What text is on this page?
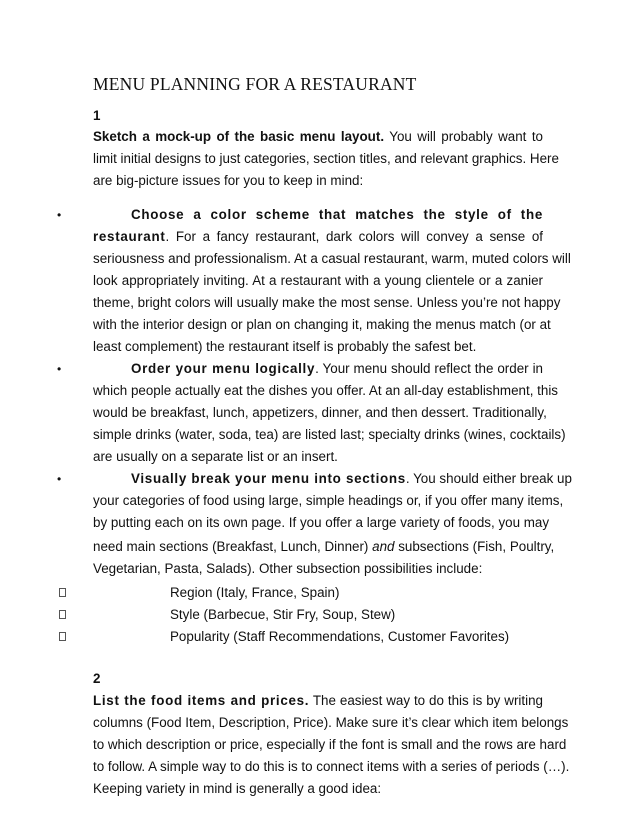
MENU PLANNING FOR A RESTAURANT
1
Sketch a mock-up of the basic menu layout. You will probably want to
limit initial designs to just categories, section titles, and relevant graphics. Here
are big-picture issues for you to keep in mind:
•	Choose a color scheme that matches the style of the
restaurant. For a fancy restaurant, dark colors will convey a sense of
seriousness and professionalism. At a casual restaurant, warm, muted colors will
look appropriately inviting. At a restaurant with a young clientele or a zanier
theme, bright colors will usually make the most sense. Unless you’re not happy
with the interior design or plan on changing it, making the menus match (or at
least complement) the restaurant itself is probably the safest bet.
•	Order your menu logically. Your menu should reflect the order in
which people actually eat the dishes you offer. At an all-day establishment, this
would be breakfast, lunch, appetizers, dinner, and then dessert. Traditionally,
simple drinks (water, soda, tea) are listed last; specialty drinks (wines, cocktails)
are usually on a separate list or an insert.
•	Visually break your menu into sections. You should either break up
your categories of food using large, simple headings or, if you offer many items,
by putting each on its own page. If you offer a large variety of foods, you may
need main sections (Breakfast, Lunch, Dinner) and subsections (Fish, Poultry,
Vegetarian, Pasta, Salads). Other subsection possibilities include:
Region (Italy, France, Spain)
Style (Barbecue, Stir Fry, Soup, Stew)
Popularity (Staff Recommendations, Customer Favorites)
2
List the food items and prices. The easiest way to do this is by writing
columns (Food Item, Description, Price). Make sure it’s clear which item belongs
to which description or price, especially if the font is small and the rows are hard
to follow. A simple way to do this is to connect items with a series of periods (…).
Keeping variety in mind is generally a good idea:
